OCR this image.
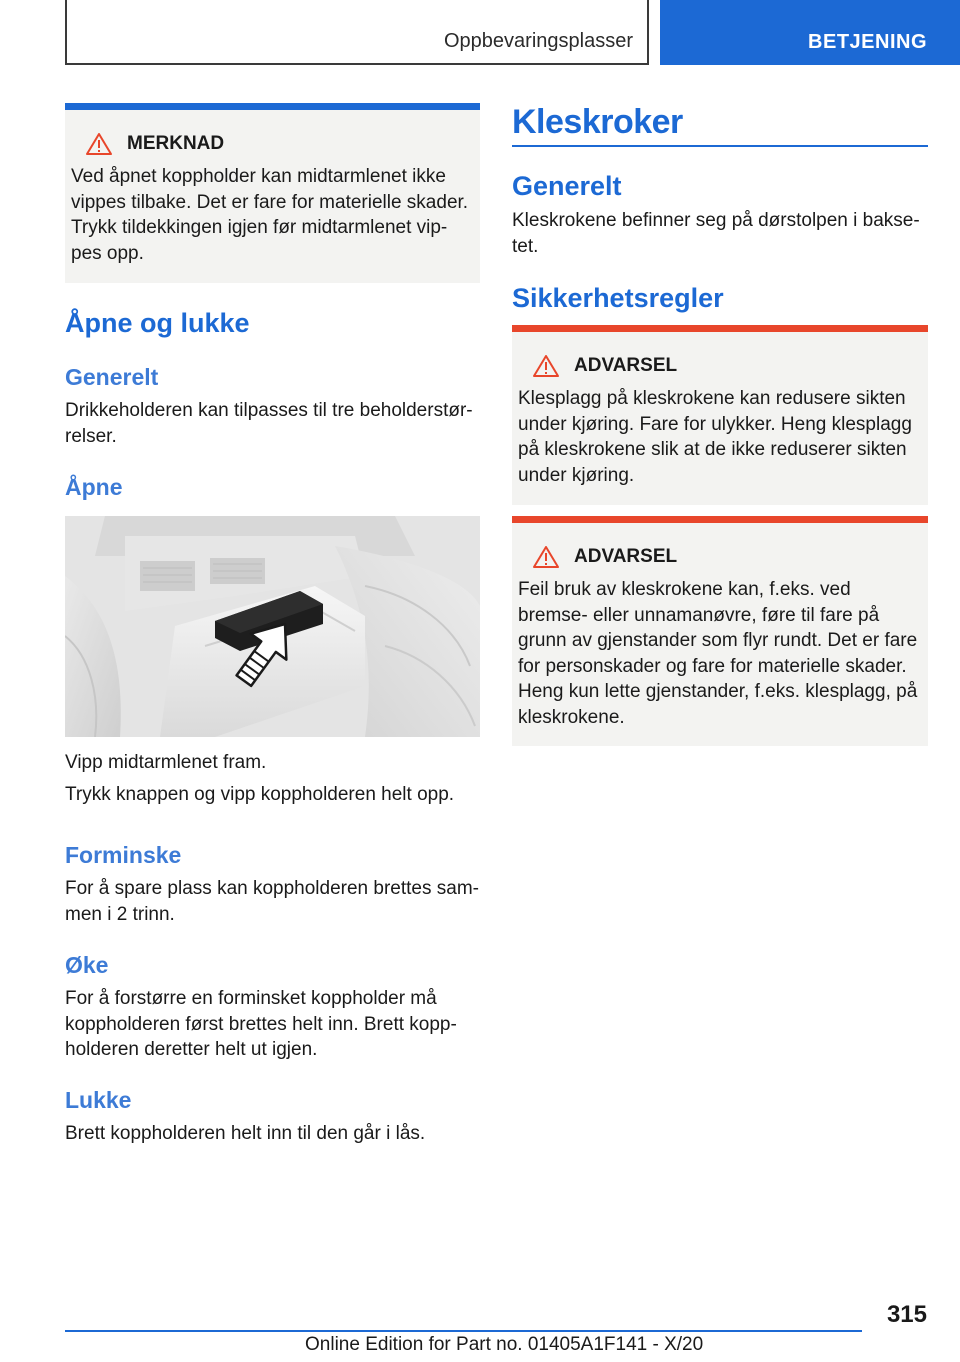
Oppbevaringsplasser	BETJENING
MERKNAD
Ved åpnet koppholder kan midtarmlenet ikke
vippes tilbake. Det er fare for materielle skader.
Trykk tildekkingen igjen før midtarmlenet vip-
pes opp.
Åpne og lukke
Generelt
Drikkeholderen kan tilpasses til tre beholderstør-
relser.
Åpne
Vipp midtarmlenet fram.
Trykk knappen og vipp koppholderen helt opp.
Forminske
For å spare plass kan koppholderen brettes sam-
men i 2 trinn.
Øke
For å forstørre en forminsket koppholder må
koppholderen først brettes helt inn. Brett kopp-
holderen deretter helt ut igjen.
Lukke
Brett koppholderen helt inn til den går i lås.
Kleskroker
Generelt
Kleskrokene befinner seg på dørstolpen i bakse-
tet.
Sikkerhetsregler
ADVARSEL
Klesplagg på kleskrokene kan redusere sikten
under kjøring. Fare for ulykker. Heng klesplagg
på kleskrokene slik at de ikke reduserer sikten
under kjøring.
ADVARSEL
Feil bruk av kleskrokene kan, f.eks. ved
bremse- eller unnamanøvre, føre til fare på
grunn av gjenstander som flyr rundt. Det er fare
for personskader og fare for materielle skader.
Heng kun lette gjenstander, f.eks. klesplagg, på
kleskrokene.
315
Online Edition for Part no. 01405A1F141 - X/20
